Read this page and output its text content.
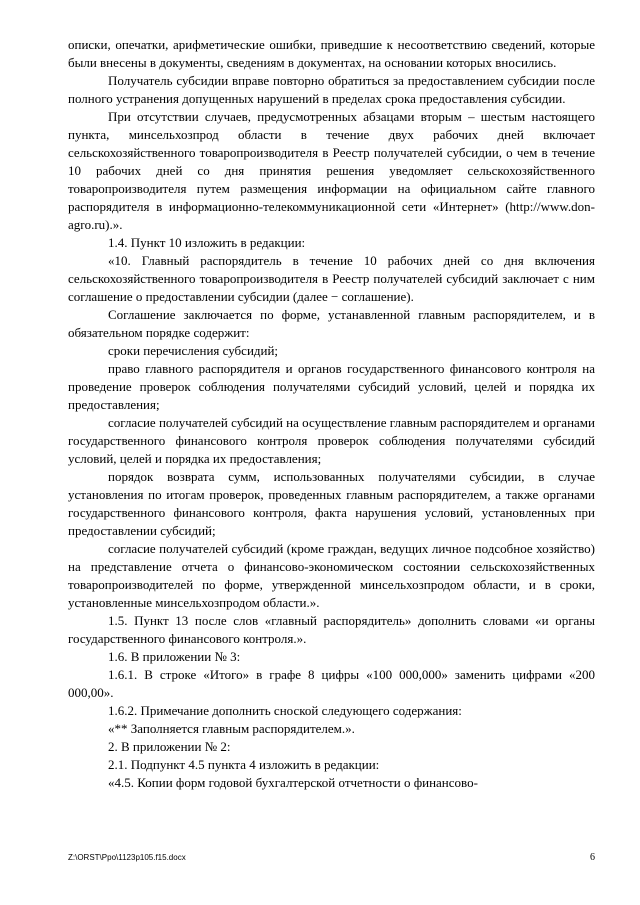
описки, опечатки, арифметические ошибки, приведшие к несоответствию сведений, которые были внесены в документы, сведениям в документах, на основании которых вносились.

Получатель субсидии вправе повторно обратиться за предоставлением субсидии после полного устранения допущенных нарушений в пределах срока предоставления субсидии.

При отсутствии случаев, предусмотренных абзацами вторым – шестым настоящего пункта, минсельхозпрод области в течение двух рабочих дней включает сельскохозяйственного товаропроизводителя в Реестр получателей субсидии, о чем в течение 10 рабочих дней со дня принятия решения уведомляет сельскохозяйственного товаропроизводителя путем размещения информации на официальном сайте главного распорядителя в информационно-телекоммуникационной сети «Интернет» (http://www.don-agro.ru).».

1.4. Пункт 10 изложить в редакции:

«10. Главный распорядитель в течение 10 рабочих дней со дня включения сельскохозяйственного товаропроизводителя в Реестр получателей субсидий заключает с ним соглашение о предоставлении субсидии (далее − соглашение).

Соглашение заключается по форме, устанавленной главным распорядителем, и в обязательном порядке содержит:

сроки перечисления субсидий;

право главного распорядителя и органов государственного финансового контроля на проведение проверок соблюдения получателями субсидий условий, целей и порядка их предоставления;

согласие получателей субсидий на осуществление главным распорядителем и органами государственного финансового контроля проверок соблюдения получателями субсидий условий, целей и порядка их предоставления;

порядок возврата сумм, использованных получателями субсидии, в случае установления по итогам проверок, проведенных главным распорядителем, а также органами государственного финансового контроля, факта нарушения условий, установленных при предоставлении субсидий;

согласие получателей субсидий (кроме граждан, ведущих личное подсобное хозяйство) на представление отчета о финансово-экономическом состоянии сельскохозяйственных товаропроизводителей по форме, утвержденной минсельхозпродом области, и в сроки, установленные минсельхозпродом области.».

1.5. Пункт 13 после слов «главный распорядитель» дополнить словами «и органы государственного финансового контроля.».

1.6. В приложении № 3:

1.6.1. В строке «Итого» в графе 8 цифры «100 000,000» заменить цифрами «200 000,00».

1.6.2. Примечание дополнить сноской следующего содержания:

«** Заполняется главным распорядителем.».

2. В приложении № 2:

2.1. Подпункт 4.5 пункта 4 изложить в редакции:

«4.5. Копии форм годовой бухгалтерской отчетности о финансово-

Z:\ORST\Ppo\1123p105.f15.docx	6
